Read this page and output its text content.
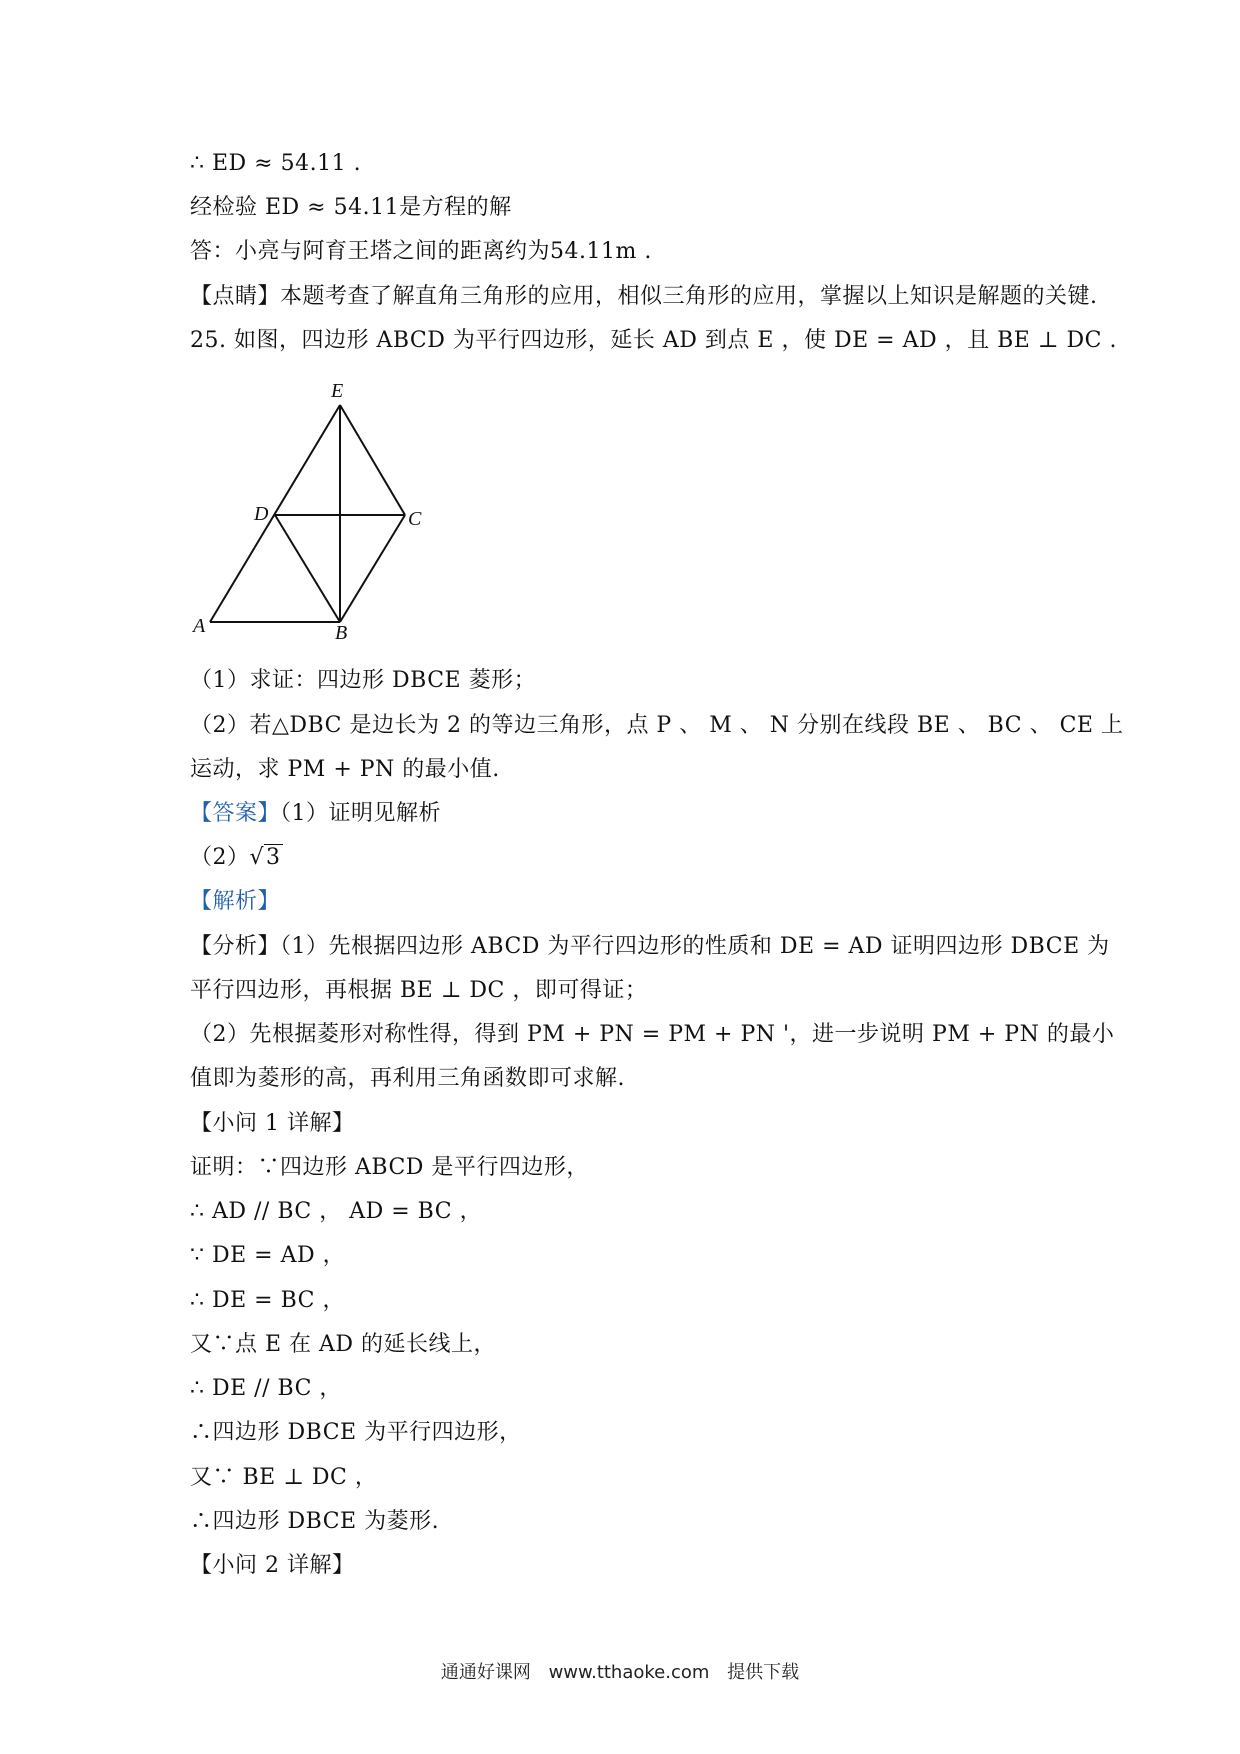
∴ ED ≈ 54.11 .
经检验 ED ≈ 54.11是方程的解
答：小亮与阿育王塔之间的距离约为54.11m .
【点睛】本题考查了解直角三角形的应用，相似三角形的应用，掌握以上知识是解题的关键.
25. 如图，四边形 ABCD 为平行四边形，延长 AD 到点 E ，使 DE = AD ，且 BE ⊥ DC .
E
D	C
A	B
（1）求证：四边形 DBCE 菱形；
（2）若△DBC 是边长为 2 的等边三角形，点 P 、 M 、 N 分别在线段 BE 、 BC 、 CE 上
运动，求 PM + PN 的最小值.
【答案】（1）证明见解析
（2）√3
【解析】
【分析】（1）先根据四边形 ABCD 为平行四边形的性质和 DE = AD 证明四边形 DBCE 为
平行四边形，再根据 BE ⊥ DC ，即可得证；
（2）先根据菱形对称性得，得到 PM + PN = PM + PN '，进一步说明 PM + PN 的最小
值即为菱形的高，再利用三角函数即可求解.
【小问 1 详解】
证明：∵四边形 ABCD 是平行四边形，
∴ AD // BC ， AD = BC ，
∵ DE = AD ，
∴ DE = BC ，
又∵点 E 在 AD 的延长线上，
∴ DE // BC ，
∴四边形 DBCE 为平行四边形，
又∵ BE ⊥ DC ，
∴四边形 DBCE 为菱形.
【小问 2 详解】
通通好课网 www.tthaoke.com 提供下载
